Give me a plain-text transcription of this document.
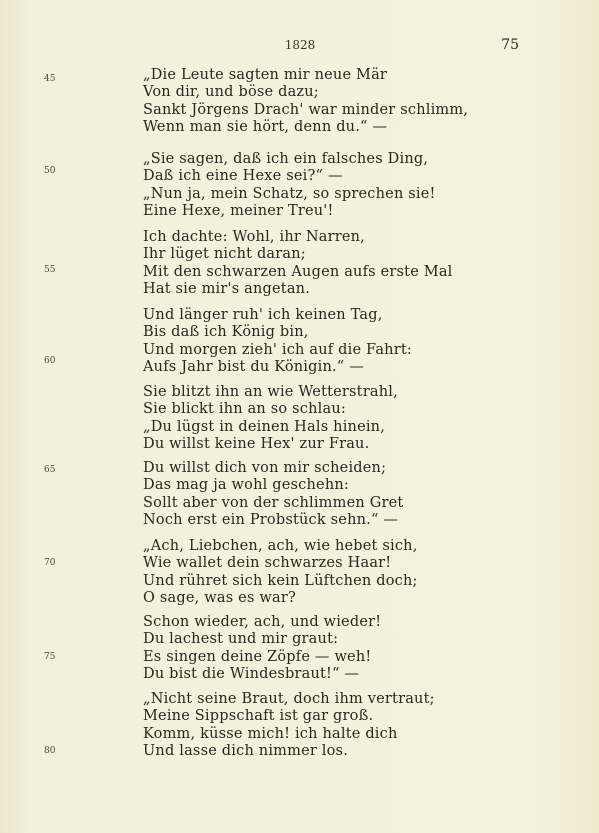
1828	75
45
50
55
60
65
70
75
80
„Die Leute sagten mir neue Mär
Von dir, und böse dazu;
Sankt Jörgens Drach' war minder schlimm,
Wenn man sie hört, denn du.“ —
„Sie sagen, daß ich ein falsches Ding,
Daß ich eine Hexe sei?“ —
„Nun ja, mein Schatz, so sprechen sie!
Eine Hexe, meiner Treu'!
Ich dachte: Wohl, ihr Narren,
Ihr lüget nicht daran;
Mit den schwarzen Augen aufs erste Mal
Hat sie mir's angetan.
Und länger ruh' ich keinen Tag,
Bis daß ich König bin,
Und morgen zieh' ich auf die Fahrt:
Aufs Jahr bist du Königin.“ —
Sie blitzt ihn an wie Wetterstrahl,
Sie blickt ihn an so schlau:
„Du lügst in deinen Hals hinein,
Du willst keine Hex' zur Frau.
Du willst dich von mir scheiden;
Das mag ja wohl geschehn:
Sollt aber von der schlimmen Gret
Noch erst ein Probstück sehn.“ —
„Ach, Liebchen, ach, wie hebet sich,
Wie wallet dein schwarzes Haar!
Und rühret sich kein Lüftchen doch;
O sage, was es war?
Schon wieder, ach, und wieder!
Du lachest und mir graut:
Es singen deine Zöpfe — weh!
Du bist die Windesbraut!“ —
„Nicht seine Braut, doch ihm vertraut;
Meine Sippschaft ist gar groß.
Komm, küsse mich! ich halte dich
Und lasse dich nimmer los.
